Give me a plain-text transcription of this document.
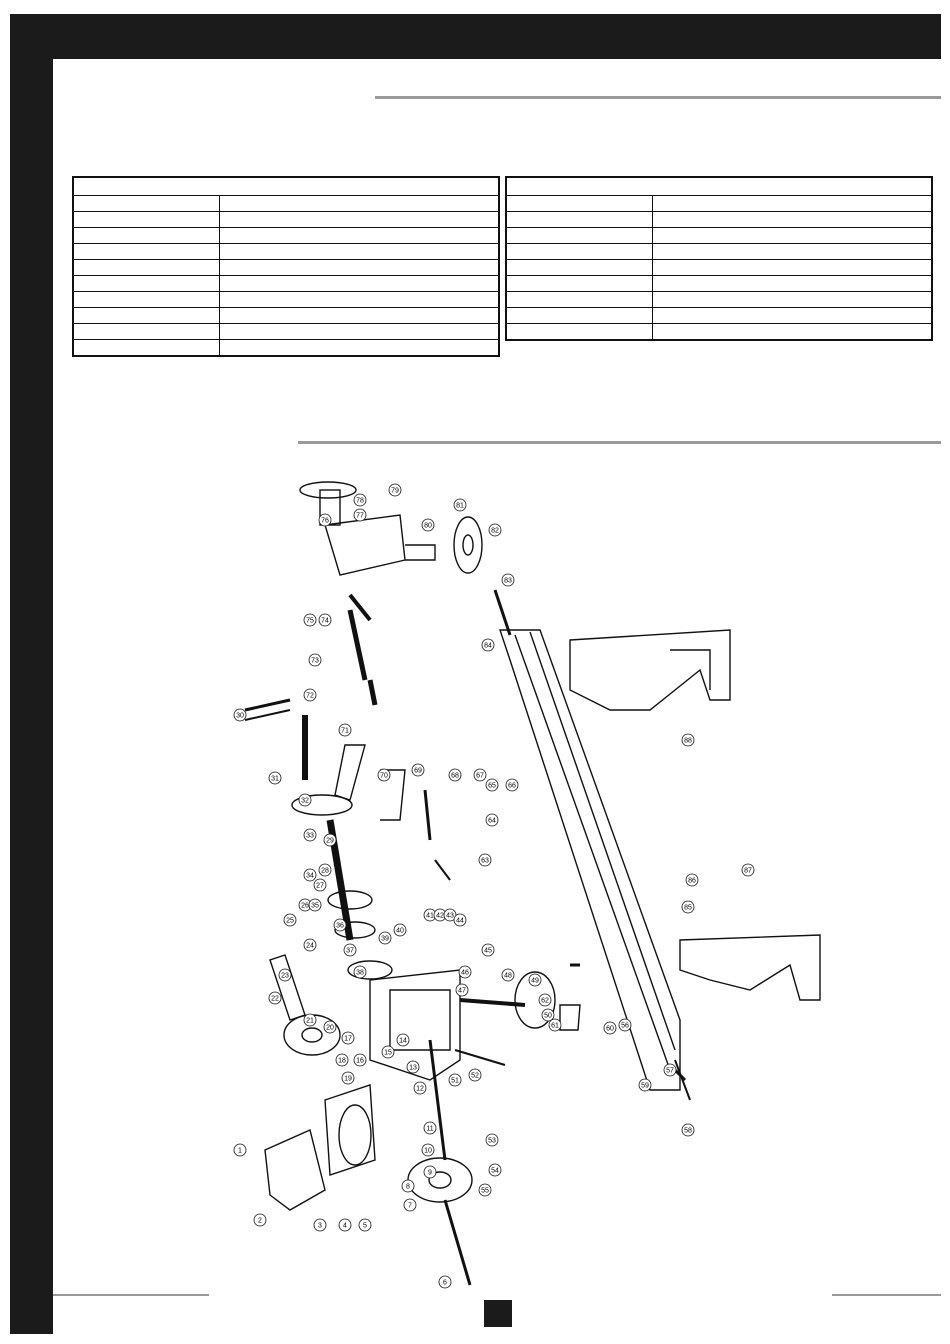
1
2
3	4 5
6
7
8
9
10
11
12
13
14
15
16
17
18
19
20
21
22
23
24
25
26
27
28
29
30
31
32
33
34
35
36
37
38
39
40
41 42 43
44
45
46
47
48
49
50
51
52
53
54
55
56
57
58
59
60
61
62
63
64
65 66
67
68
69
70
71
72
73
74
75
76
77
78
79
80
81
82
83
84
85
86
87
88
